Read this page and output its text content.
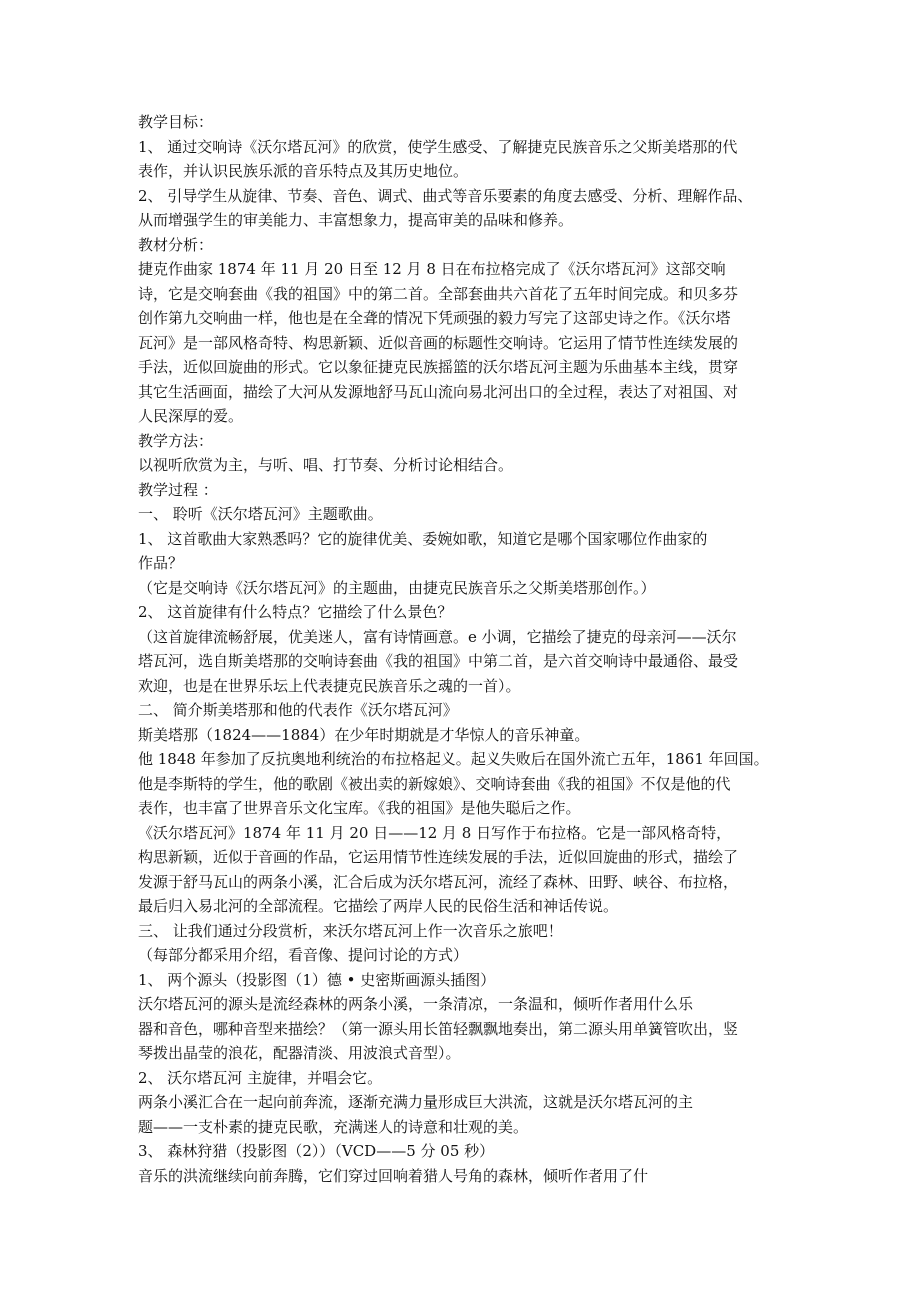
教学目标：
1、 通过交响诗《沃尔塔瓦河》的欣赏，使学生感受、了解捷克民族音乐之父斯美塔那的代
表作，并认识民族乐派的音乐特点及其历史地位。
2、 引导学生从旋律、节奏、音色、调式、曲式等音乐要素的角度去感受、分析、理解作品、
从而增强学生的审美能力、丰富想象力，提高审美的品味和修养。
教材分析：
捷克作曲家 1874 年 11 月 20 日至 12 月 8 日在布拉格完成了《沃尔塔瓦河》这部交响
诗，它是交响套曲《我的祖国》中的第二首。全部套曲共六首花了五年时间完成。和贝多芬
创作第九交响曲一样，他也是在全聋的情况下凭顽强的毅力写完了这部史诗之作。《沃尔塔
瓦河》是一部风格奇特、构思新颖、近似音画的标题性交响诗。它运用了情节性连续发展的
手法，近似回旋曲的形式。它以象征捷克民族摇篮的沃尔塔瓦河主题为乐曲基本主线，贯穿
其它生活画面，描绘了大河从发源地舒马瓦山流向易北河出口的全过程，表达了对祖国、对
人民深厚的爱。
教学方法：
以视听欣赏为主，与听、唱、打节奏、分析讨论相结合。
教学过程 ：
一、 聆听《沃尔塔瓦河》主题歌曲。
1、 这首歌曲大家熟悉吗？它的旋律优美、委婉如歌，知道它是哪个国家哪位作曲家的
作品？
（它是交响诗《沃尔塔瓦河》的主题曲，由捷克民族音乐之父斯美塔那创作。）
2、 这首旋律有什么特点？它描绘了什么景色？
（这首旋律流畅舒展，优美迷人，富有诗情画意。e 小调，它描绘了捷克的母亲河——沃尔
塔瓦河，选自斯美塔那的交响诗套曲《我的祖国》中第二首，是六首交响诗中最通俗、最受
欢迎，也是在世界乐坛上代表捷克民族音乐之魂的一首）。
二、 简介斯美塔那和他的代表作《沃尔塔瓦河》
斯美塔那（1824——1884）在少年时期就是才华惊人的音乐神童。
他 1848 年参加了反抗奥地利统治的布拉格起义。起义失败后在国外流亡五年，1861 年回国。
他是李斯特的学生，他的歌剧《被出卖的新嫁娘》、交响诗套曲《我的祖国》不仅是他的代
表作，也丰富了世界音乐文化宝库。《我的祖国》是他失聪后之作。
《沃尔塔瓦河》1874 年 11 月 20 日——12 月 8 日写作于布拉格。它是一部风格奇特，
构思新颖，近似于音画的作品，它运用情节性连续发展的手法，近似回旋曲的形式，描绘了
发源于舒马瓦山的两条小溪，汇合后成为沃尔塔瓦河，流经了森林、田野、峡谷、布拉格，
最后归入易北河的全部流程。它描绘了两岸人民的民俗生活和神话传说。
三、 让我们通过分段赏析，来沃尔塔瓦河上作一次音乐之旅吧！
（每部分都采用介绍，看音像、提问讨论的方式）
1、 两个源头（投影图（1）德 • 史密斯画源头插图）
沃尔塔瓦河的源头是流经森林的两条小溪，一条清凉，一条温和，倾听作者用什么乐
器和音色，哪种音型来描绘？（第一源头用长笛轻飘飘地奏出，第二源头用单簧管吹出，竖
琴拨出晶莹的浪花，配器清淡、用波浪式音型）。
2、 沃尔塔瓦河 主旋律，并唱会它。
两条小溪汇合在一起向前奔流，逐渐充满力量形成巨大洪流，这就是沃尔塔瓦河的主
题——一支朴素的捷克民歌，充满迷人的诗意和壮观的美。
3、 森林狩猎（投影图（2））（VCD——5 分 05 秒）
音乐的洪流继续向前奔腾，它们穿过回响着猎人号角的森林，倾听作者用了什
